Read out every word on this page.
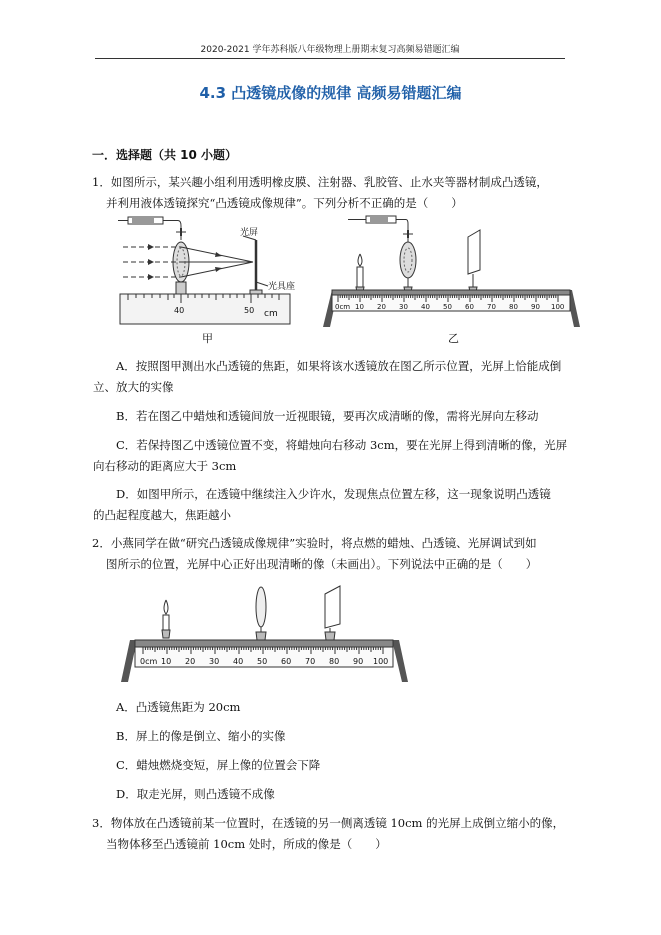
2020-2021 学年苏科版八年级物理上册期末复习高频易错题汇编
4.3 凸透镜成像的规律 高频易错题汇编
一．选择题（共 10 小题）
1．如图所示，某兴趣小组利用透明橡皮膜、注射器、乳胶管、止水夹等器材制成凸透镜，
并利用液体透镜探究“凸透镜成像规律”。下列分析不正确的是（　　）
光屏
光具座
40	50 cm
甲
0cm 10 20 30 40 50 60 70 80 90 100
乙
A．按照图甲测出水凸透镜的焦距，如果将该水透镜放在图乙所示位置，光屏上恰能成倒
立、放大的实像
B．若在图乙中蜡烛和透镜间放一近视眼镜，要再次成清晰的像，需将光屏向左移动
C．若保持图乙中透镜位置不变，将蜡烛向右移动 3cm，要在光屏上得到清晰的像，光屏
向右移动的距离应大于 3cm
D．如图甲所示，在透镜中继续注入少许水，发现焦点位置左移，这一现象说明凸透镜
的凸起程度越大，焦距越小
2．小燕同学在做“研究凸透镜成像规律”实验时，将点燃的蜡烛、凸透镜、光屏调试到如
图所示的位置，光屏中心正好出现清晰的像（未画出）。下列说法中正确的是（　　）
0cm 10 20 30 40 50 60 70 80 90 100
A．凸透镜焦距为 20cm
B．屏上的像是倒立、缩小的实像
C．蜡烛燃烧变短，屏上像的位置会下降
D．取走光屏，则凸透镜不成像
3．物体放在凸透镜前某一位置时，在透镜的另一侧离透镜 10cm 的光屏上成倒立缩小的像，
当物体移至凸透镜前 10cm 处时，所成的像是（　　）
